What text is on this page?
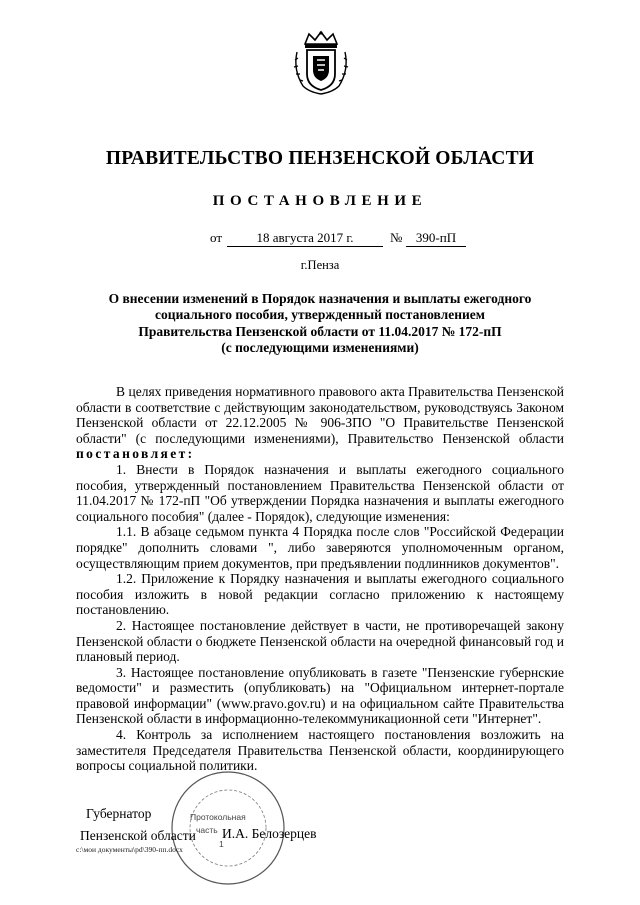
ПРАВИТЕЛЬСТВО ПЕНЗЕНСКОЙ ОБЛАСТИ
ПОСТАНОВЛЕНИЕ
от	18 августа 2017 г.	№	390-пП
г.Пенза
О внесении изменений в Порядок назначения и выплаты ежегодного
социального пособия, утвержденный постановлением
Правительства Пензенской области от 11.04.2017 № 172-пП
(с последующими изменениями)

В целях приведения нормативного правового акта Правительства Пензенской области в соответствие с действующим законодательством, руководствуясь Законом Пензенской области от 22.12.2005 № 906-ЗПО "О Правительстве Пензенской области" (с последующими изменениями), Правительство Пензенской области постановляет:

1. Внести в Порядок назначения и выплаты ежегодного социального пособия, утвержденный постановлением Правительства Пензенской области от 11.04.2017 № 172-пП "Об утверждении Порядка назначения и выплаты ежегодного социального пособия" (далее - Порядок), следующие изменения:

1.1. В абзаце седьмом пункта 4 Порядка после слов "Российской Федерации порядке" дополнить словами ", либо заверяются уполномоченным органом, осуществляющим прием документов, при предъявлении подлинников документов".

1.2. Приложение к Порядку назначения и выплаты ежегодного социального пособия изложить в новой редакции согласно приложению к настоящему постановлению.

2. Настоящее постановление действует в части, не противоречащей закону Пензенской области о бюджете Пензенской области на очередной финансовый год и плановый период.

3. Настоящее постановление опубликовать в газете "Пензенские губернские ведомости" и разместить (опубликовать) на "Официальном интернет-портале правовой информации" (www.pravo.gov.ru) и на официальном сайте Правительства Пензенской области в информационно-телекоммуникационной сети "Интернет".

4. Контроль за исполнением настоящего постановления возложить на заместителя Председателя Правительства Пензенской области, координирующего вопросы социальной политики.

Протокольная
часть
1
Губернатор
Пензенской области И.А. Белозерцев
c:\мои документы\pd\390-пп.docx
